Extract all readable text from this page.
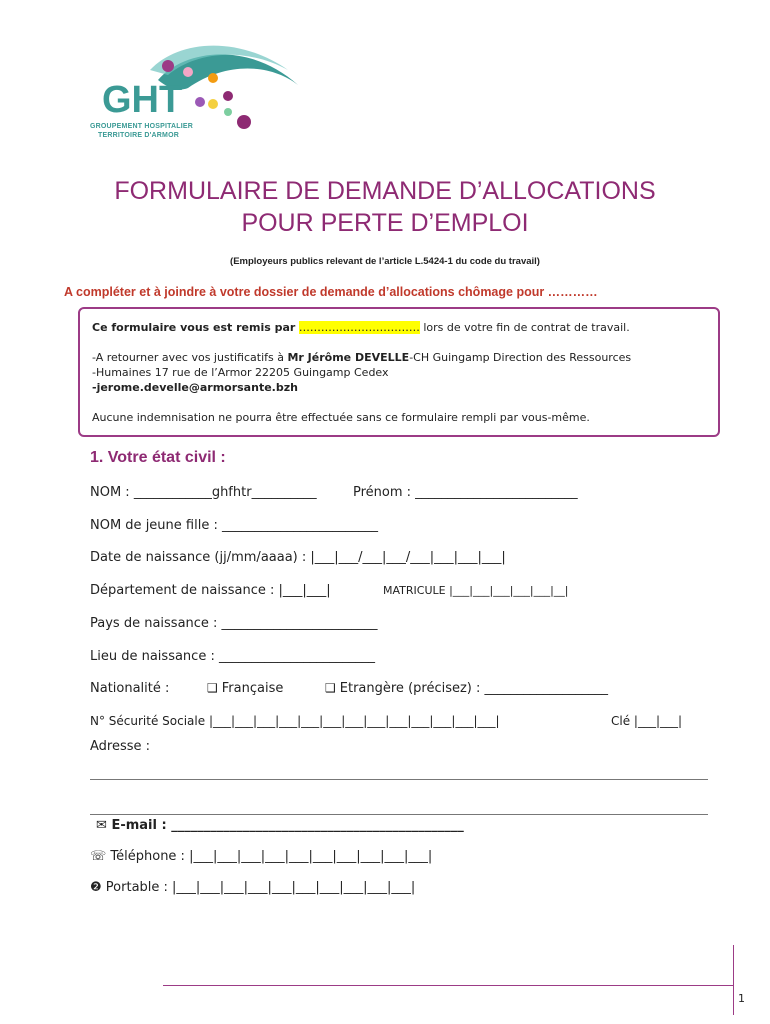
GHT
GROUPEMENT HOSPITALIER
TERRITOIRE D'ARMOR
FORMULAIRE DE DEMANDE D’ALLOCATIONS
POUR PERTE D’EMPLOI
(Employeurs publics relevant de l’article L.5424-1 du code du travail)
A compléter et à joindre à votre dossier de demande d’allocations chômage pour …………
Ce formulaire vous est remis par …………………………… lors de votre fin de contrat de travail.
-A retourner avec vos justificatifs à Mr Jérôme DEVELLE-CH Guingamp Direction des Ressources
-Humaines 17 rue de l’Armor 22205 Guingamp Cedex
-jerome.develle@armorsante.bzh
Aucune indemnisation ne pourra être effectuée sans ce formulaire rempli par vous-même.
1. Votre état civil :
NOM : ____________ghfhtr__________	Prénom : _________________________
NOM de jeune fille : ________________________
Date de naissance (jj/mm/aaaa) : |___|___/___|___/___|___|___|___|
Département de naissance : |___|___|	MATRICULE |___|___|___|___|___|__|
Pays de naissance : ________________________
Lieu de naissance : ________________________
Nationalité :	❑ Française	❑ Etrangère (précisez) : ___________________
N° Sécurité Sociale |___|___|___|___|___|___|___|___|___|___|___|___|___|	Clé |___|___|
Adresse :
✉ E-mail : _____________________________________________
☏ Téléphone : |___|___|___|___|___|___|___|___|___|___|
❷ Portable : |___|___|___|___|___|___|___|___|___|___|
1
